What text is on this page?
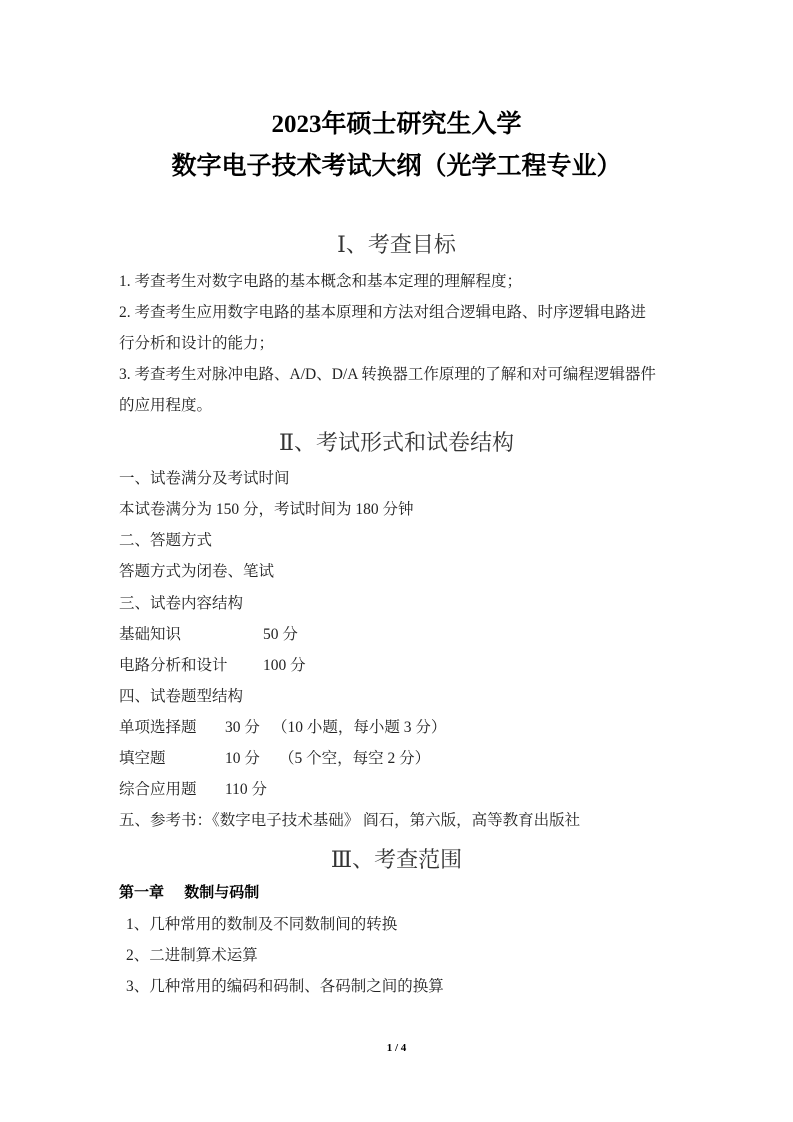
2023年硕士研究生入学
数字电子技术考试大纲（光学工程专业）
Ⅰ、考查目标
1. 考查考生对数字电路的基本概念和基本定理的理解程度；
2. 考查考生应用数字电路的基本原理和方法对组合逻辑电路、时序逻辑电路进
行分析和设计的能力；
3. 考查考生对脉冲电路、A/D、D/A 转换器工作原理的了解和对可编程逻辑器件
的应用程度。
Ⅱ、考试形式和试卷结构
一、试卷满分及考试时间
本试卷满分为 150 分，考试时间为 180 分钟
二、答题方式
答题方式为闭卷、笔试
三、试卷内容结构
基础知识	50 分
电路分析和设计 100 分
四、试卷题型结构
单项选择题 30 分 （10 小题，每小题 3 分）
填空题	10 分 （5 个空，每空 2 分）
综合应用题 110 分
五、参考书：《数字电子技术基础》 阎石，第六版，高等教育出版社
Ⅲ、考查范围
第一章　 数制与码制
1、几种常用的数制及不同数制间的转换
2、二进制算术运算
3、几种常用的编码和码制、各码制之间的换算
1 / 4
